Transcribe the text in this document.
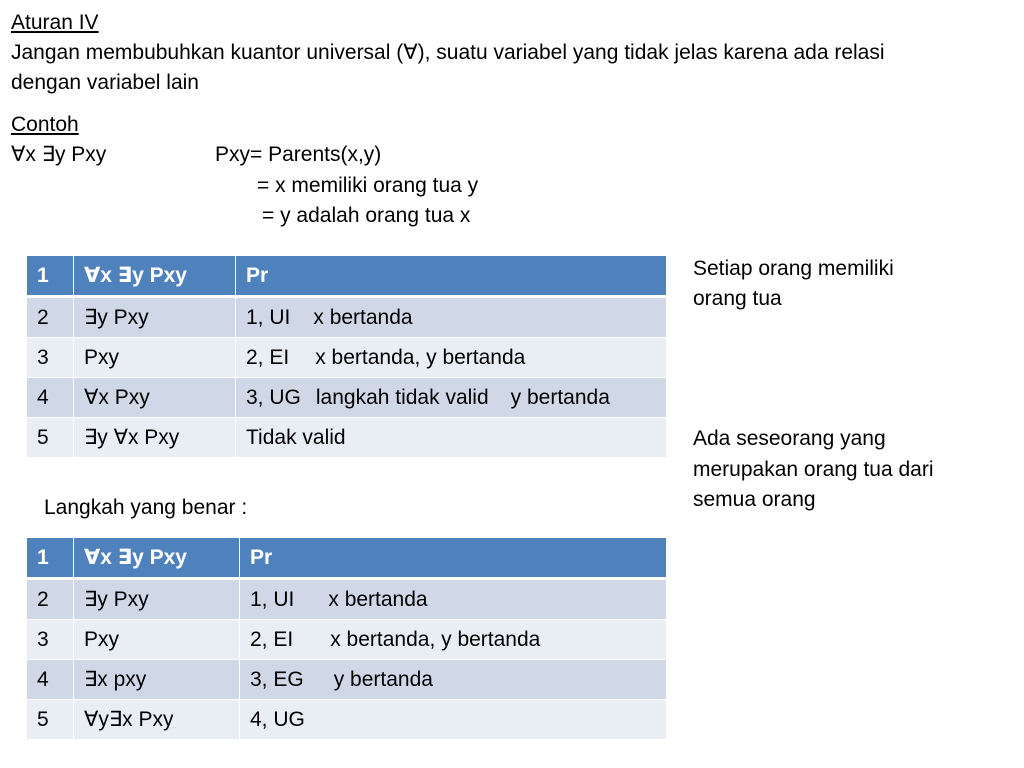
Aturan IV
Jangan membubuhkan kuantor universal (∀), suatu variabel yang tidak jelas karena ada relasi
dengan variabel lain
Contoh
∀x ∃y Pxy	Pxy= Parents(x,y)
= x memiliki orang tua y
= y adalah orang tua x
1	∀x ∃y Pxy	Pr
2	∃y Pxy	1, UI x bertanda
3	Pxy	2, EI x bertanda, y bertanda
4	∀x Pxy	3, UG langkah tidak valid y bertanda
5	∃y ∀x Pxy	Tidak valid
Setiap orang memiliki
orang tua
Ada seseorang yang
merupakan orang tua dari
semua orang
Langkah yang benar :
1	∀x ∃y Pxy	Pr
2	∃y Pxy	1, UI x bertanda
3	Pxy	2, EI x bertanda, y bertanda
4	∃x pxy	3, EG y bertanda
5	∀y∃x Pxy	4, UG
